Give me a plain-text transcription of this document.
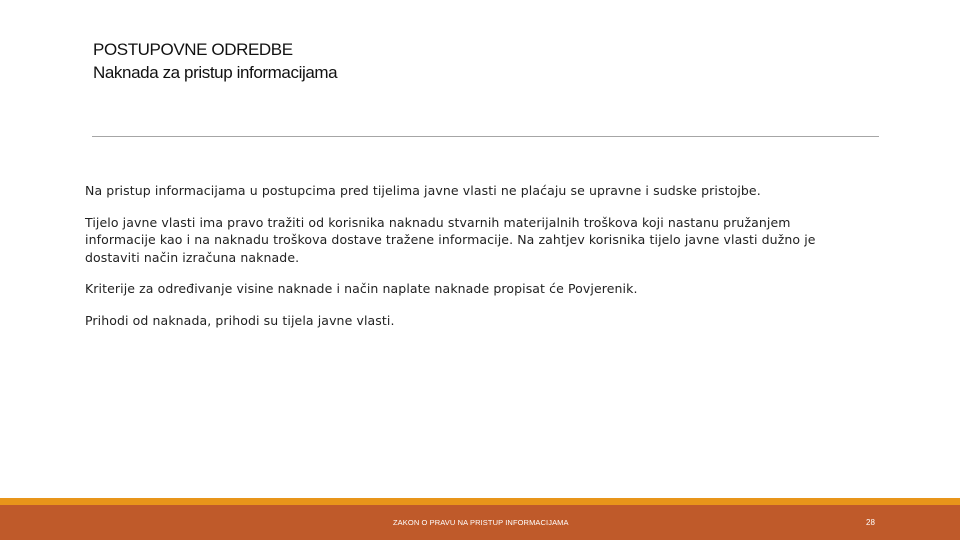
POSTUPOVNE ODREDBE
Naknada za pristup informacijama

Na pristup informacijama u postupcima pred tijelima javne vlasti ne plaćaju se upravne i sudske pristojbe.

Tijelo javne vlasti ima pravo tražiti od korisnika naknadu stvarnih materijalnih troškova koji nastanu pružanjem informacije kao i na naknadu troškova dostave tražene informacije. Na zahtjev korisnika tijelo javne vlasti dužno je dostaviti način izračuna naknade.

Kriterije za određivanje visine naknade i način naplate naknade propisat će Povjerenik.

Prihodi od naknada, prihodi su tijela javne vlasti.

ZAKON O PRAVU NA PRISTUP INFORMACIJAMA	28
